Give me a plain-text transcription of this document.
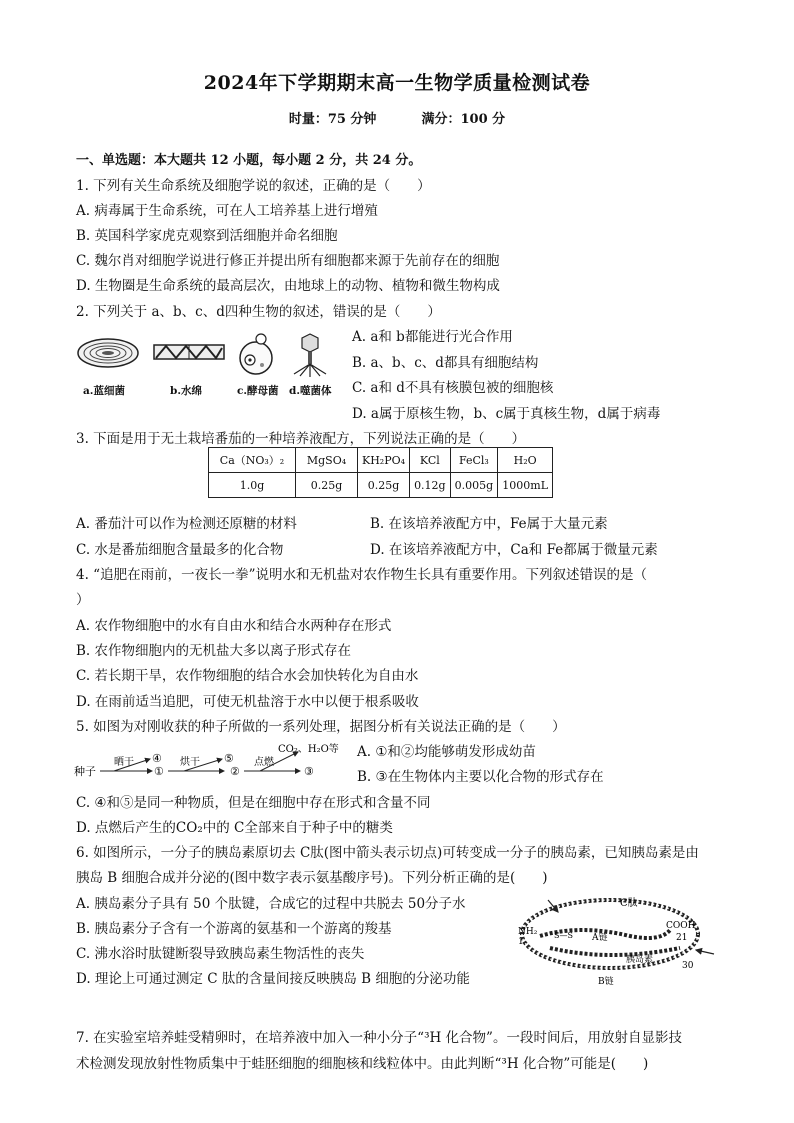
2024年下学期期末高一生物学质量检测试卷
时量：75 分钟	满分：100 分
一、单选题：本大题共 12 小题，每小题 2 分，共 24 分。
1. 下列有关生命系统及细胞学说的叙述，正确的是（　　）
A. 病毒属于生命系统，可在人工培养基上进行增殖
B. 英国科学家虎克观察到活细胞并命名细胞
C. 魏尔肖对细胞学说进行修正并提出所有细胞都来源于先前存在的细胞
D. 生物圈是生命系统的最高层次，由地球上的动物、植物和微生物构成
2. 下列关于 a、b、c、d四种生物的叙述，错误的是（　　）
a.蓝细菌	b.水绵	c.酵母菌 d.噬菌体
A. a和 b都能进行光合作用
B. a、b、c、d都具有细胞结构
C. a和 d不具有核膜包被的细胞核
D. a属于原核生物，b、c属于真核生物，d属于病毒
3. 下面是用于无土栽培番茄的一种培养液配方，下列说法正确的是（　　）
Ca（NO₃）₂	MgSO₄	KH₂PO₄	KCl	FeCl₃	H₂O
1.0g	0.25g	0.25g	0.12g	0.005g	1000mL
A. 番茄汁可以作为检测还原糖的材料	B. 在该培养液配方中，Fe属于大量元素
C. 水是番茄细胞含量最多的化合物	D. 在该培养液配方中，Ca和 Fe都属于微量元素
4. “追肥在雨前，一夜长一拳”说明水和无机盐对农作物生长具有重要作用。下列叙述错误的是（
）
A. 农作物细胞中的水有自由水和结合水两种存在形式
B. 农作物细胞内的无机盐大多以离子形式存在
C. 若长期干旱，农作物细胞的结合水会加快转化为自由水
D. 在雨前适当追肥，可使无机盐溶于水中以便于根系吸收
5. 如图为对刚收获的种子所做的一系列处理，据图分析有关说法正确的是（　　）
种子
晒干 ④
①
烘干 ⑤
②
点燃
CO₂、H₂O等
③
A. ①和②均能够萌发形成幼苗
B. ③在生物体内主要以化合物的形式存在
C. ④和⑤是同一种物质，但是在细胞中存在形式和含量不同
D. 点燃后产生的CO₂中的 C全部来自于种子中的糖类
6. 如图所示，一分子的胰岛素原切去 C肽(图中箭头表示切点)可转变成一分子的胰岛素，已知胰岛素是由
胰岛 B 细胞合成并分泌的(图中数字表示氨基酸序号)。下列分析正确的是(　　)
A. 胰岛素分子具有 50 个肽键，合成它的过程中共脱去 50分子水
B. 胰岛素分子含有一个游离的氨基和一个游离的羧基
C. 沸水浴时肽键断裂导致胰岛素生物活性的丧失
D. 理论上可通过测定 C 肽的含量间接反映胰岛 B 细胞的分泌功能
C肽
NH₂
1
COOH
21
A链
S—S
胰岛素
30
B链
7. 在实验室培养蛙受精卵时，在培养液中加入一种小分子“³H 化合物”。一段时间后，用放射自显影技
术检测发现放射性物质集中于蛙胚细胞的细胞核和线粒体中。由此判断“³H 化合物”可能是(　　)
